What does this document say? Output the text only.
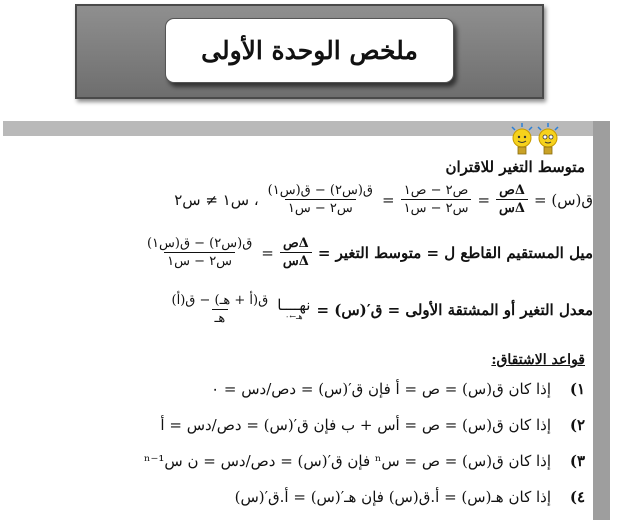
ملخص الوحدة الأولى
متوسط التغير للاقتران
ق(س) =
$\frac{\text{Δص}}{\text{Δس}}$
=
$\frac{\text{ص٢ − ص١}}{\text{س٢ − س١}}$
=
$\frac{\text{ق(س٢) − ق(س١)}}{\text{س٢ − س١}}$
، س١ ≠ س٢
ميل المستقيم القاطع ل = متوسط التغير =
$\frac{\text{Δص}}{\text{Δس}}$
=
$\frac{\text{ق(س٢) − ق(س١)}}{\text{س٢ − س١}}$
معدل التغير أو المشتقة الأولى = ق′(س) =
نهــــا
هـ←٠
$\frac{\text{ق(أ + هـ) − ق(أ)}}{\text{هـ}}$
قواعد الاشتقاق:
١)
إذا كان ق(س) = ص = أ فإن ق′(س) = دص/دس = ٠
٢)
إذا كان ق(س) = ص = أس + ب فإن ق′(س) = دص/دس = أ
٣)
إذا كان ق(س) = ص = سⁿ فإن ق′(س) = دص/دس = ن سⁿ⁻¹
٤)
إذا كان هـ(س) = أ.ق(س) فإن هـ′(س) = أ.ق′(س)
